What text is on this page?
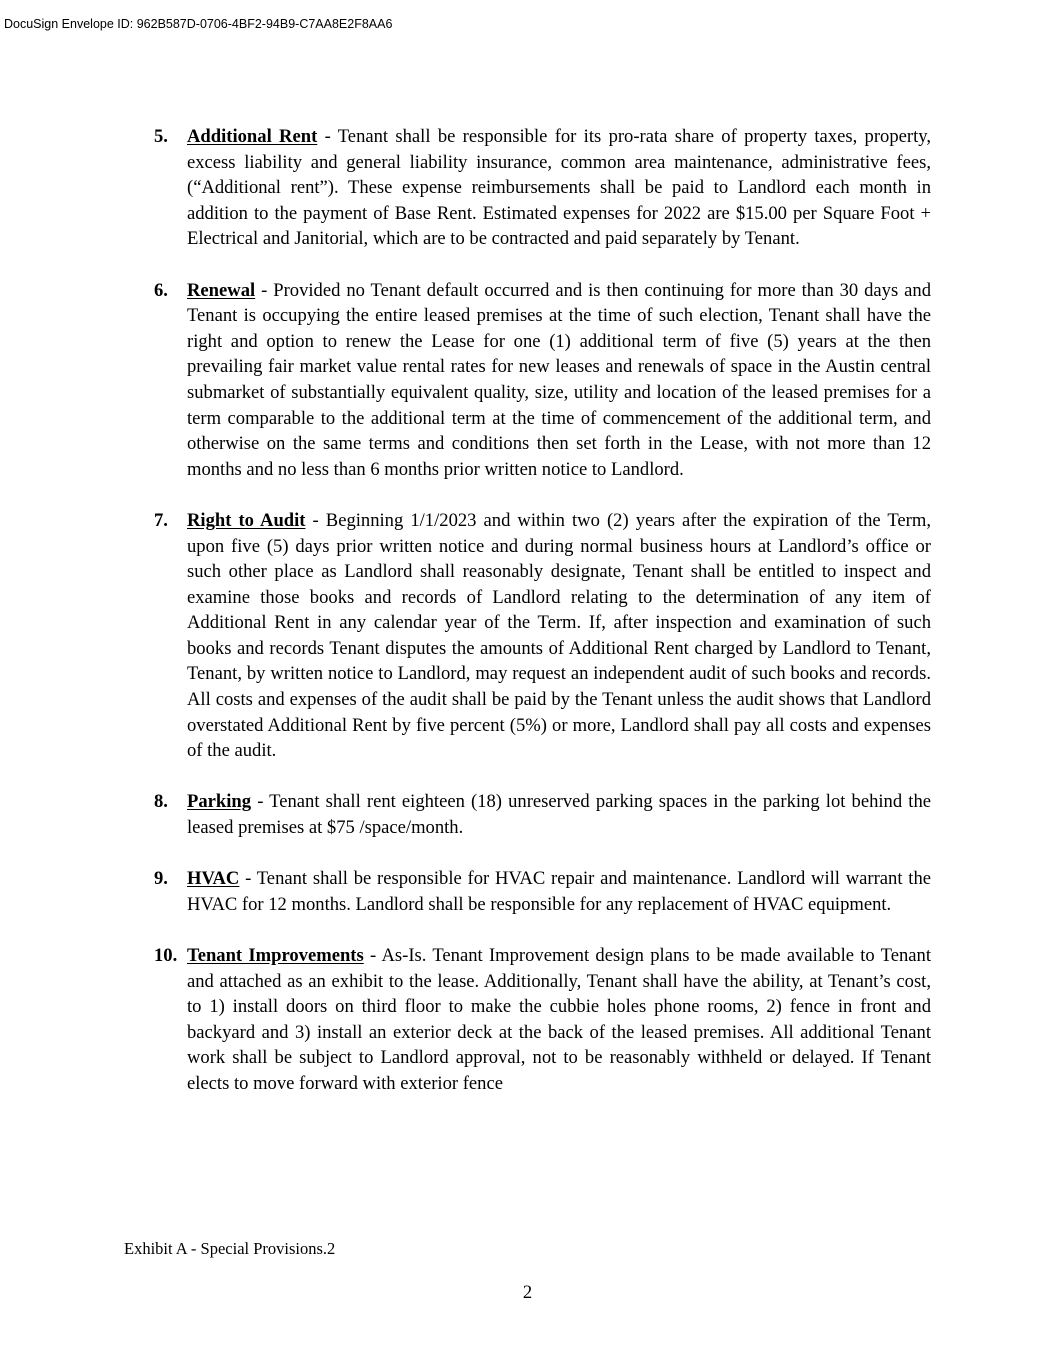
DocuSign Envelope ID: 962B587D-0706-4BF2-94B9-C7AA8E2F8AA6
5. Additional Rent - Tenant shall be responsible for its pro-rata share of property taxes, property, excess liability and general liability insurance, common area maintenance, administrative fees, (“Additional rent”). These expense reimbursements shall be paid to Landlord each month in addition to the payment of Base Rent. Estimated expenses for 2022 are $15.00 per Square Foot + Electrical and Janitorial, which are to be contracted and paid separately by Tenant.
6. Renewal - Provided no Tenant default occurred and is then continuing for more than 30 days and Tenant is occupying the entire leased premises at the time of such election, Tenant shall have the right and option to renew the Lease for one (1) additional term of five (5) years at the then prevailing fair market value rental rates for new leases and renewals of space in the Austin central submarket of substantially equivalent quality, size, utility and location of the leased premises for a term comparable to the additional term at the time of commencement of the additional term, and otherwise on the same terms and conditions then set forth in the Lease, with not more than 12 months and no less than 6 months prior written notice to Landlord.
7. Right to Audit - Beginning 1/1/2023 and within two (2) years after the expiration of the Term, upon five (5) days prior written notice and during normal business hours at Landlord’s office or such other place as Landlord shall reasonably designate, Tenant shall be entitled to inspect and examine those books and records of Landlord relating to the determination of any item of Additional Rent in any calendar year of the Term. If, after inspection and examination of such books and records Tenant disputes the amounts of Additional Rent charged by Landlord to Tenant, Tenant, by written notice to Landlord, may request an independent audit of such books and records. All costs and expenses of the audit shall be paid by the Tenant unless the audit shows that Landlord overstated Additional Rent by five percent (5%) or more, Landlord shall pay all costs and expenses of the audit.
8. Parking - Tenant shall rent eighteen (18) unreserved parking spaces in the parking lot behind the leased premises at $75 /space/month.
9. HVAC - Tenant shall be responsible for HVAC repair and maintenance. Landlord will warrant the HVAC for 12 months. Landlord shall be responsible for any replacement of HVAC equipment.
10. Tenant Improvements - As-Is. Tenant Improvement design plans to be made available to Tenant and attached as an exhibit to the lease. Additionally, Tenant shall have the ability, at Tenant’s cost, to 1) install doors on third floor to make the cubbie holes phone rooms, 2) fence in front and backyard and 3) install an exterior deck at the back of the leased premises. All additional Tenant work shall be subject to Landlord approval, not to be reasonably withheld or delayed. If Tenant elects to move forward with exterior fence
Exhibit A - Special Provisions.2
2
